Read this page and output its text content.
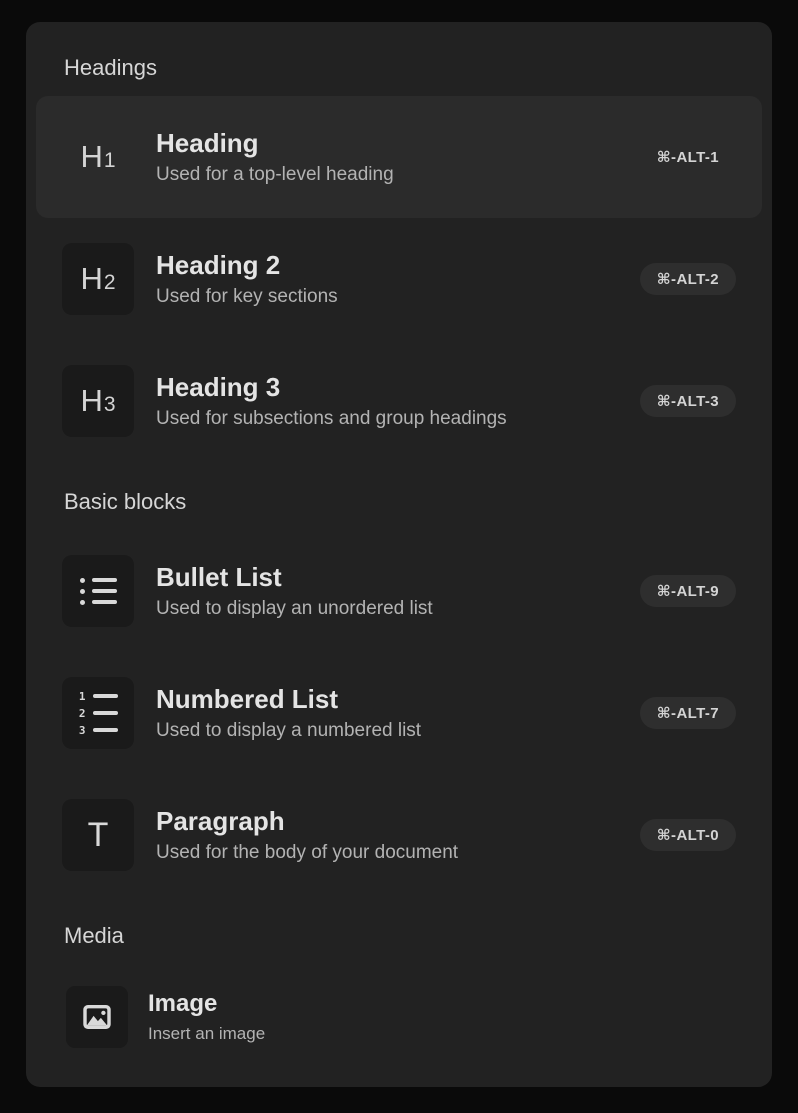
Headings
H1
Heading
Used for a top-level heading
⌘-ALT-1
H2
Heading 2
Used for key sections
⌘-ALT-2
H3
Heading 3
Used for subsections and group headings
⌘-ALT-3
Basic blocks
Bullet List
Used to display an unordered list
⌘-ALT-9
1
2
3
Numbered List
Used to display a numbered list
⌘-ALT-7
T Paragraph
Used for the body of your document
⌘-ALT-0
Media
Image
Insert an image
